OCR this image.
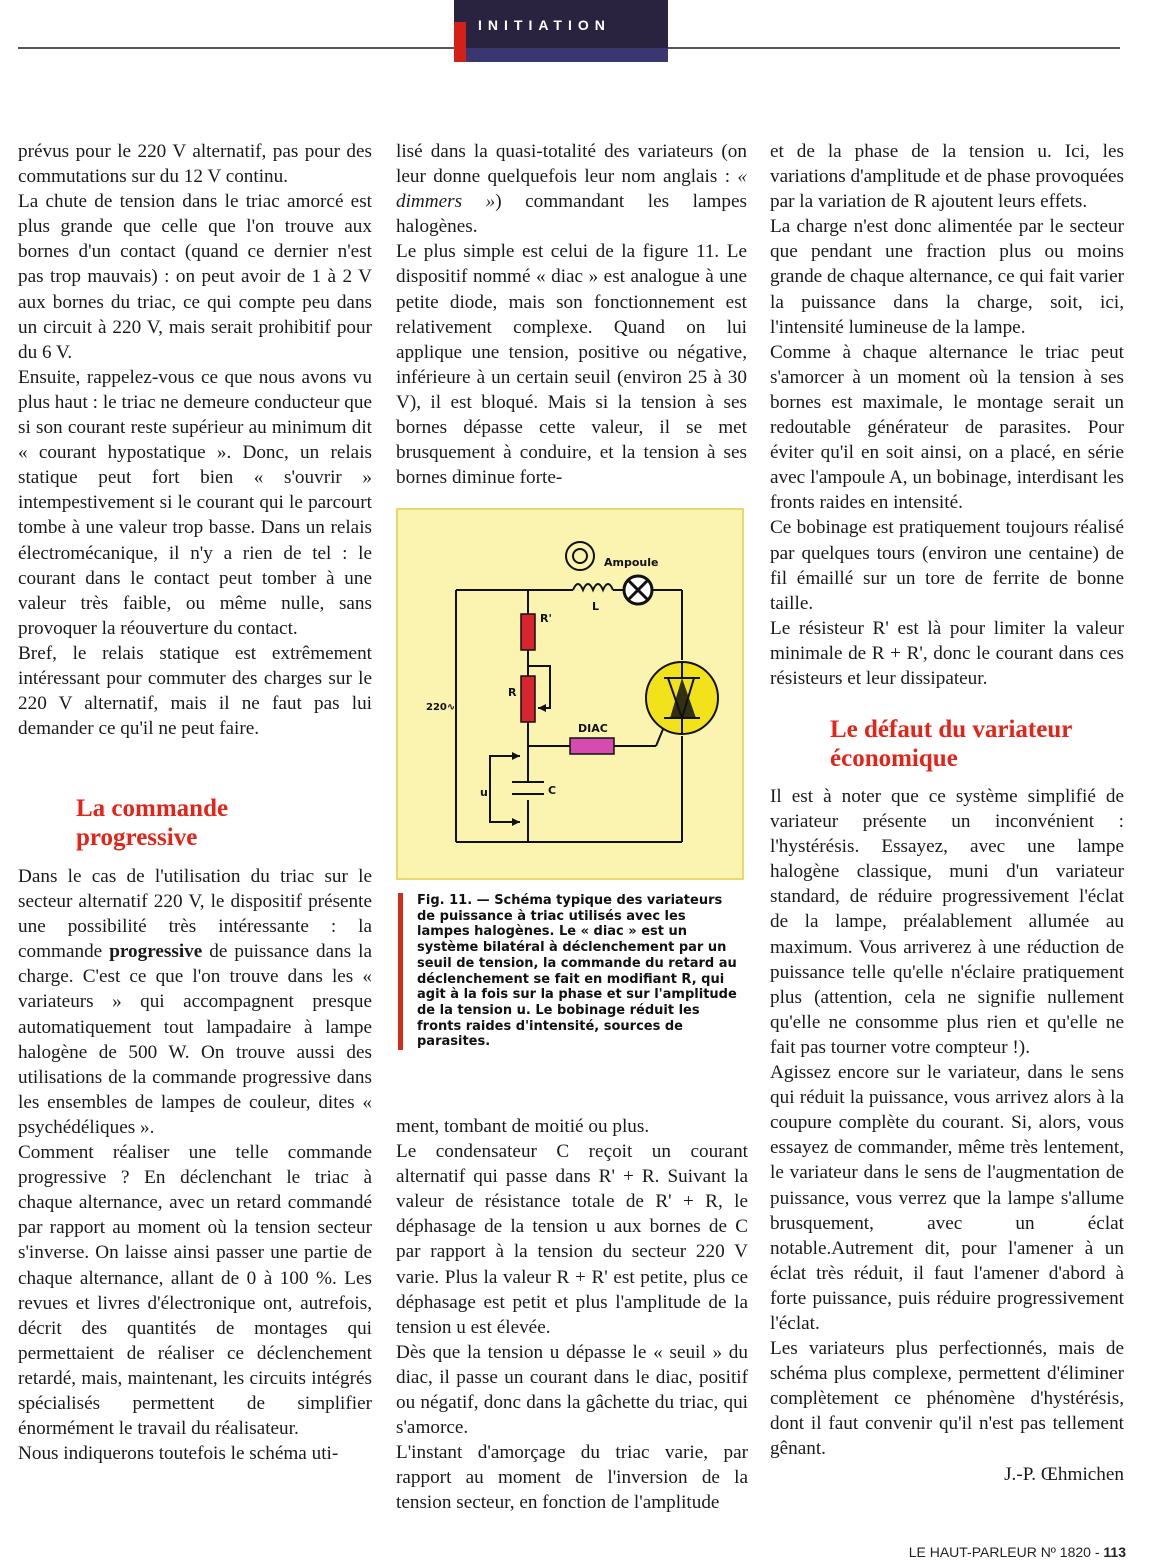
INITIATION

prévus pour le 220 V alternatif, pas pour des commutations sur du 12 V continu.

La chute de tension dans le triac amorcé est plus grande que celle que l'on trouve aux bornes d'un contact (quand ce dernier n'est pas trop mauvais) : on peut avoir de 1 à 2 V aux bornes du triac, ce qui compte peu dans un circuit à 220 V, mais serait prohibitif pour du 6 V.

Ensuite, rappelez-vous ce que nous avons vu plus haut : le triac ne demeure conducteur que si son courant reste supérieur au minimum dit « courant hypostatique ». Donc, un relais statique peut fort bien « s'ouvrir » intempestivement si le courant qui le parcourt tombe à une valeur trop basse. Dans un relais électromécanique, il n'y a rien de tel : le courant dans le contact peut tomber à une valeur très faible, ou même nulle, sans provoquer la réouverture du contact.

Bref, le relais statique est extrêmement intéressant pour commuter des charges sur le 220 V alternatif, mais il ne faut pas lui demander ce qu'il ne peut faire.

La commande
progressive

Dans le cas de l'utilisation du triac sur le secteur alternatif 220 V, le dispositif présente une possibilité très intéressante : la commande progressive de puissance dans la charge. C'est ce que l'on trouve dans les « variateurs » qui accompagnent presque automatiquement tout lampadaire à lampe halogène de 500 W. On trouve aussi des utilisations de la commande progressive dans les ensembles de lampes de couleur, dites « psychédéliques ».

Comment réaliser une telle commande progressive ? En déclenchant le triac à chaque alternance, avec un retard commandé par rapport au moment où la tension secteur s'inverse. On laisse ainsi passer une partie de chaque alternance, allant de 0 à 100 %. Les revues et livres d'électronique ont, autrefois, décrit des quantités de montages qui permettaient de réaliser ce déclenchement retardé, mais, maintenant, les circuits intégrés spécialisés permettent de simplifier énormément le travail du réalisateur.

Nous indiquerons toutefois le schéma uti-

lisé dans la quasi-totalité des variateurs (on leur donne quelquefois leur nom anglais : « dimmers ») commandant les lampes halogènes.

Le plus simple est celui de la figure 11. Le dispositif nommé « diac » est analogue à une petite diode, mais son fonctionnement est relativement complexe. Quand on lui applique une tension, positive ou négative, inférieure à un certain seuil (environ 25 à 30 V), il est bloqué. Mais si la tension à ses bornes dépasse cette valeur, il se met brusquement à conduire, et la tension à ses bornes diminue forte-

Ampoule
L
R'
R
DIAC
220∿
u	C
Fig. 11. — Schéma typique des variateurs de puissance à triac utilisés avec les lampes halogènes. Le « diac » est un système bilatéral à déclenchement par un seuil de tension, la commande du retard au déclenchement se fait en modifiant R, qui agit à la fois sur la phase et sur l'amplitude de la tension u. Le bobinage réduit les fronts raides d'intensité, sources de parasites.

ment, tombant de moitié ou plus.

Le condensateur C reçoit un courant alternatif qui passe dans R' + R. Suivant la valeur de résistance totale de R' + R, le déphasage de la tension u aux bornes de C par rapport à la tension du secteur 220 V varie. Plus la valeur R + R' est petite, plus ce déphasage est petit et plus l'amplitude de la tension u est élevée.

Dès que la tension u dépasse le « seuil » du diac, il passe un courant dans le diac, positif ou négatif, donc dans la gâchette du triac, qui s'amorce.

L'instant d'amorçage du triac varie, par rapport au moment de l'inversion de la tension secteur, en fonction de l'amplitude

et de la phase de la tension u. Ici, les variations d'amplitude et de phase provoquées par la variation de R ajoutent leurs effets.

La charge n'est donc alimentée par le secteur que pendant une fraction plus ou moins grande de chaque alternance, ce qui fait varier la puissance dans la charge, soit, ici, l'intensité lumineuse de la lampe.

Comme à chaque alternance le triac peut s'amorcer à un moment où la tension à ses bornes est maximale, le montage serait un redoutable générateur de parasites. Pour éviter qu'il en soit ainsi, on a placé, en série avec l'ampoule A, un bobinage, interdisant les fronts raides en intensité.

Ce bobinage est pratiquement toujours réalisé par quelques tours (environ une centaine) de fil émaillé sur un tore de ferrite de bonne taille.

Le résisteur R' est là pour limiter la valeur minimale de R + R', donc le courant dans ces résisteurs et leur dissipateur.

Le défaut du variateur
économique

Il est à noter que ce système simplifié de variateur présente un inconvénient : l'hystérésis. Essayez, avec une lampe halogène classique, muni d'un variateur standard, de réduire progressivement l'éclat de la lampe, préalablement allumée au maximum. Vous arriverez à une réduction de puissance telle qu'elle n'éclaire pratiquement plus (attention, cela ne signifie nullement qu'elle ne consomme plus rien et qu'elle ne fait pas tourner votre compteur !).

Agissez encore sur le variateur, dans le sens qui réduit la puissance, vous arrivez alors à la coupure complète du courant. Si, alors, vous essayez de commander, même très lentement, le variateur dans le sens de l'augmentation de puissance, vous verrez que la lampe s'allume brusquement, avec un éclat notable.Autrement dit, pour l'amener à un éclat très réduit, il faut l'amener d'abord à forte puissance, puis réduire progressivement l'éclat.

Les variateurs plus perfectionnés, mais de schéma plus complexe, permettent d'éliminer complètement ce phénomène d'hystérésis, dont il faut convenir qu'il n'est pas tellement gênant.

J.-P. Œhmichen

LE HAUT-PARLEUR Nº 1820 - 113
